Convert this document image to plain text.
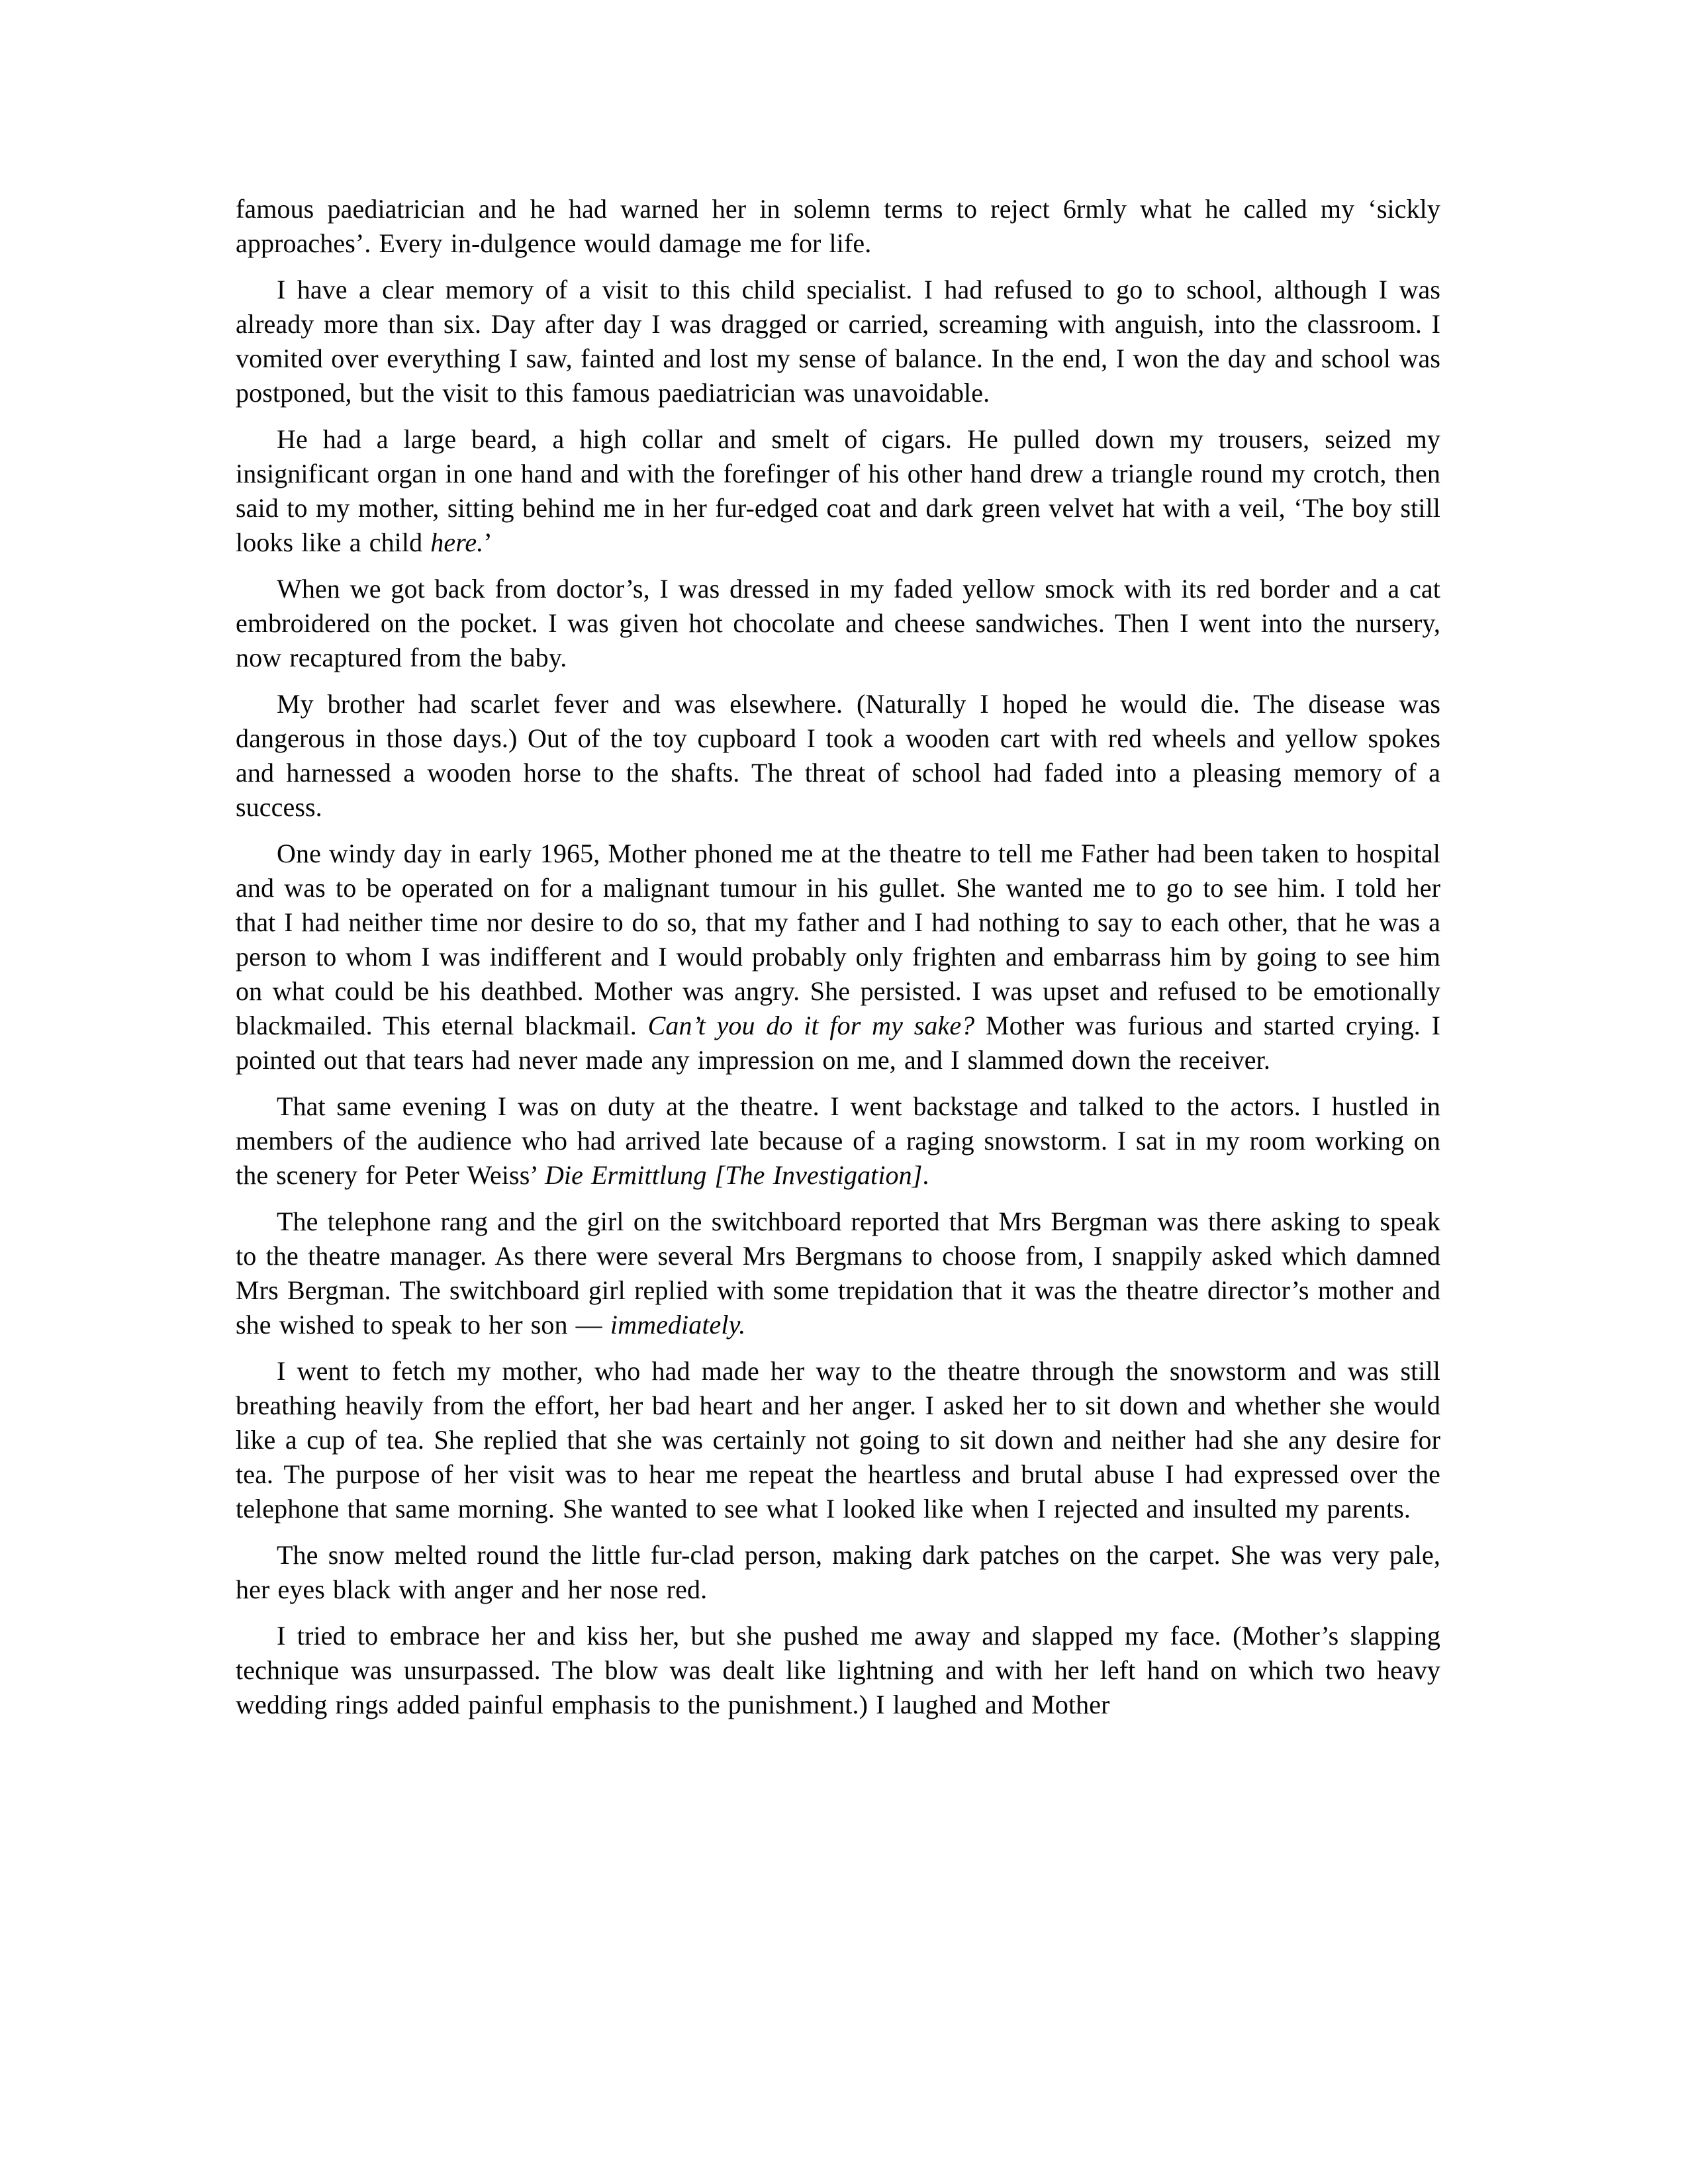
famous paediatrician and he had warned her in solemn terms to reject 6rmly what he called my ‘sickly approaches’. Every in-dulgence would damage me for life.

I have a clear memory of a visit to this child specialist. I had refused to go to school, although I was already more than six. Day after day I was dragged or carried, screaming with anguish, into the classroom. I vomited over everything I saw, fainted and lost my sense of balance. In the end, I won the day and school was postponed, but the visit to this famous paediatrician was unavoidable.

He had a large beard, a high collar and smelt of cigars. He pulled down my trousers, seized my insignificant organ in one hand and with the forefinger of his other hand drew a triangle round my crotch, then said to my mother, sitting behind me in her fur-edged coat and dark green velvet hat with a veil, ‘The boy still looks like a child here.’

When we got back from doctor’s, I was dressed in my faded yellow smock with its red border and a cat embroidered on the pocket. I was given hot chocolate and cheese sandwiches. Then I went into the nursery, now recaptured from the baby.

My brother had scarlet fever and was elsewhere. (Naturally I hoped he would die. The disease was dangerous in those days.) Out of the toy cupboard I took a wooden cart with red wheels and yellow spokes and harnessed a wooden horse to the shafts. The threat of school had faded into a pleasing memory of a success.

One windy day in early 1965, Mother phoned me at the theatre to tell me Father had been taken to hospital and was to be operated on for a malignant tumour in his gullet. She wanted me to go to see him. I told her that I had neither time nor desire to do so, that my father and I had nothing to say to each other, that he was a person to whom I was indifferent and I would probably only frighten and embarrass him by going to see him on what could be his deathbed. Mother was angry. She persisted. I was upset and refused to be emotionally blackmailed. This eternal blackmail. Can’t you do it for my sake? Mother was furious and started crying. I pointed out that tears had never made any impression on me, and I slammed down the receiver.

That same evening I was on duty at the theatre. I went backstage and talked to the actors. I hustled in members of the audience who had arrived late because of a raging snowstorm. I sat in my room working on the scenery for Peter Weiss’ Die Ermittlung [The Investigation].

The telephone rang and the girl on the switchboard reported that Mrs Bergman was there asking to speak to the theatre manager. As there were several Mrs Bergmans to choose from, I snappily asked which damned Mrs Bergman. The switchboard girl replied with some trepidation that it was the theatre director’s mother and she wished to speak to her son — immediately.

I went to fetch my mother, who had made her way to the theatre through the snowstorm and was still breathing heavily from the effort, her bad heart and her anger. I asked her to sit down and whether she would like a cup of tea. She replied that she was certainly not going to sit down and neither had she any desire for tea. The purpose of her visit was to hear me repeat the heartless and brutal abuse I had expressed over the telephone that same morning. She wanted to see what I looked like when I rejected and insulted my parents.

The snow melted round the little fur-clad person, making dark patches on the carpet. She was very pale, her eyes black with anger and her nose red.

I tried to embrace her and kiss her, but she pushed me away and slapped my face. (Mother’s slapping technique was unsurpassed. The blow was dealt like lightning and with her left hand on which two heavy wedding rings added painful emphasis to the punishment.) I laughed and Mother
